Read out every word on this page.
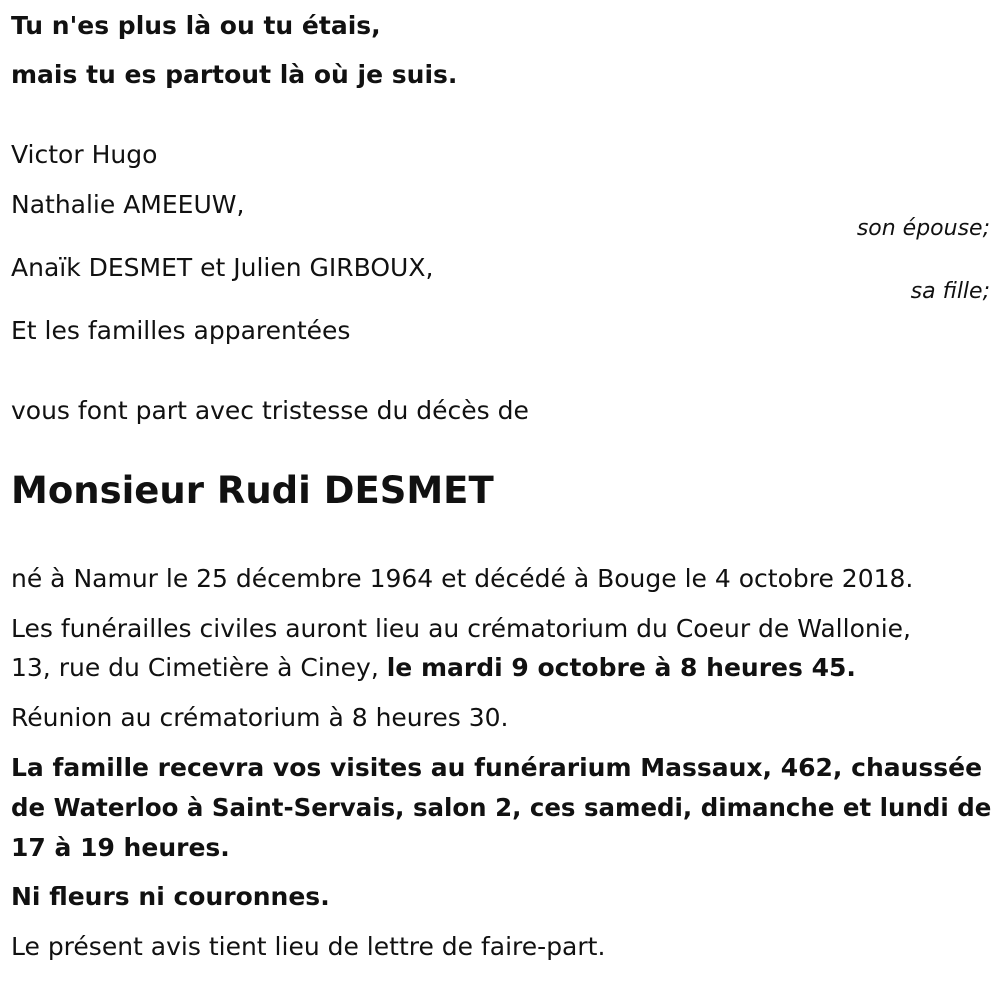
Tu n'es plus là ou tu étais,

mais tu es partout là où je suis.

Victor Hugo

Nathalie AMEEUW,

son épouse;

Anaïk DESMET et Julien GIRBOUX,

sa fille;

Et les familles apparentées

vous font part avec tristesse du décès de

Monsieur Rudi DESMET

né à Namur le 25 décembre 1964 et décédé à Bouge le 4 octobre 2018.

Les funérailles civiles auront lieu au crématorium du Coeur de Wallonie,

13, rue du Cimetière à Ciney, le mardi 9 octobre à 8 heures 45.

Réunion au crématorium à 8 heures 30.

La famille recevra vos visites au funérarium Massaux, 462, chaussée

de Waterloo à Saint-Servais, salon 2, ces samedi, dimanche et lundi de

17 à 19 heures.

Ni fleurs ni couronnes.

Le présent avis tient lieu de lettre de faire-part.
